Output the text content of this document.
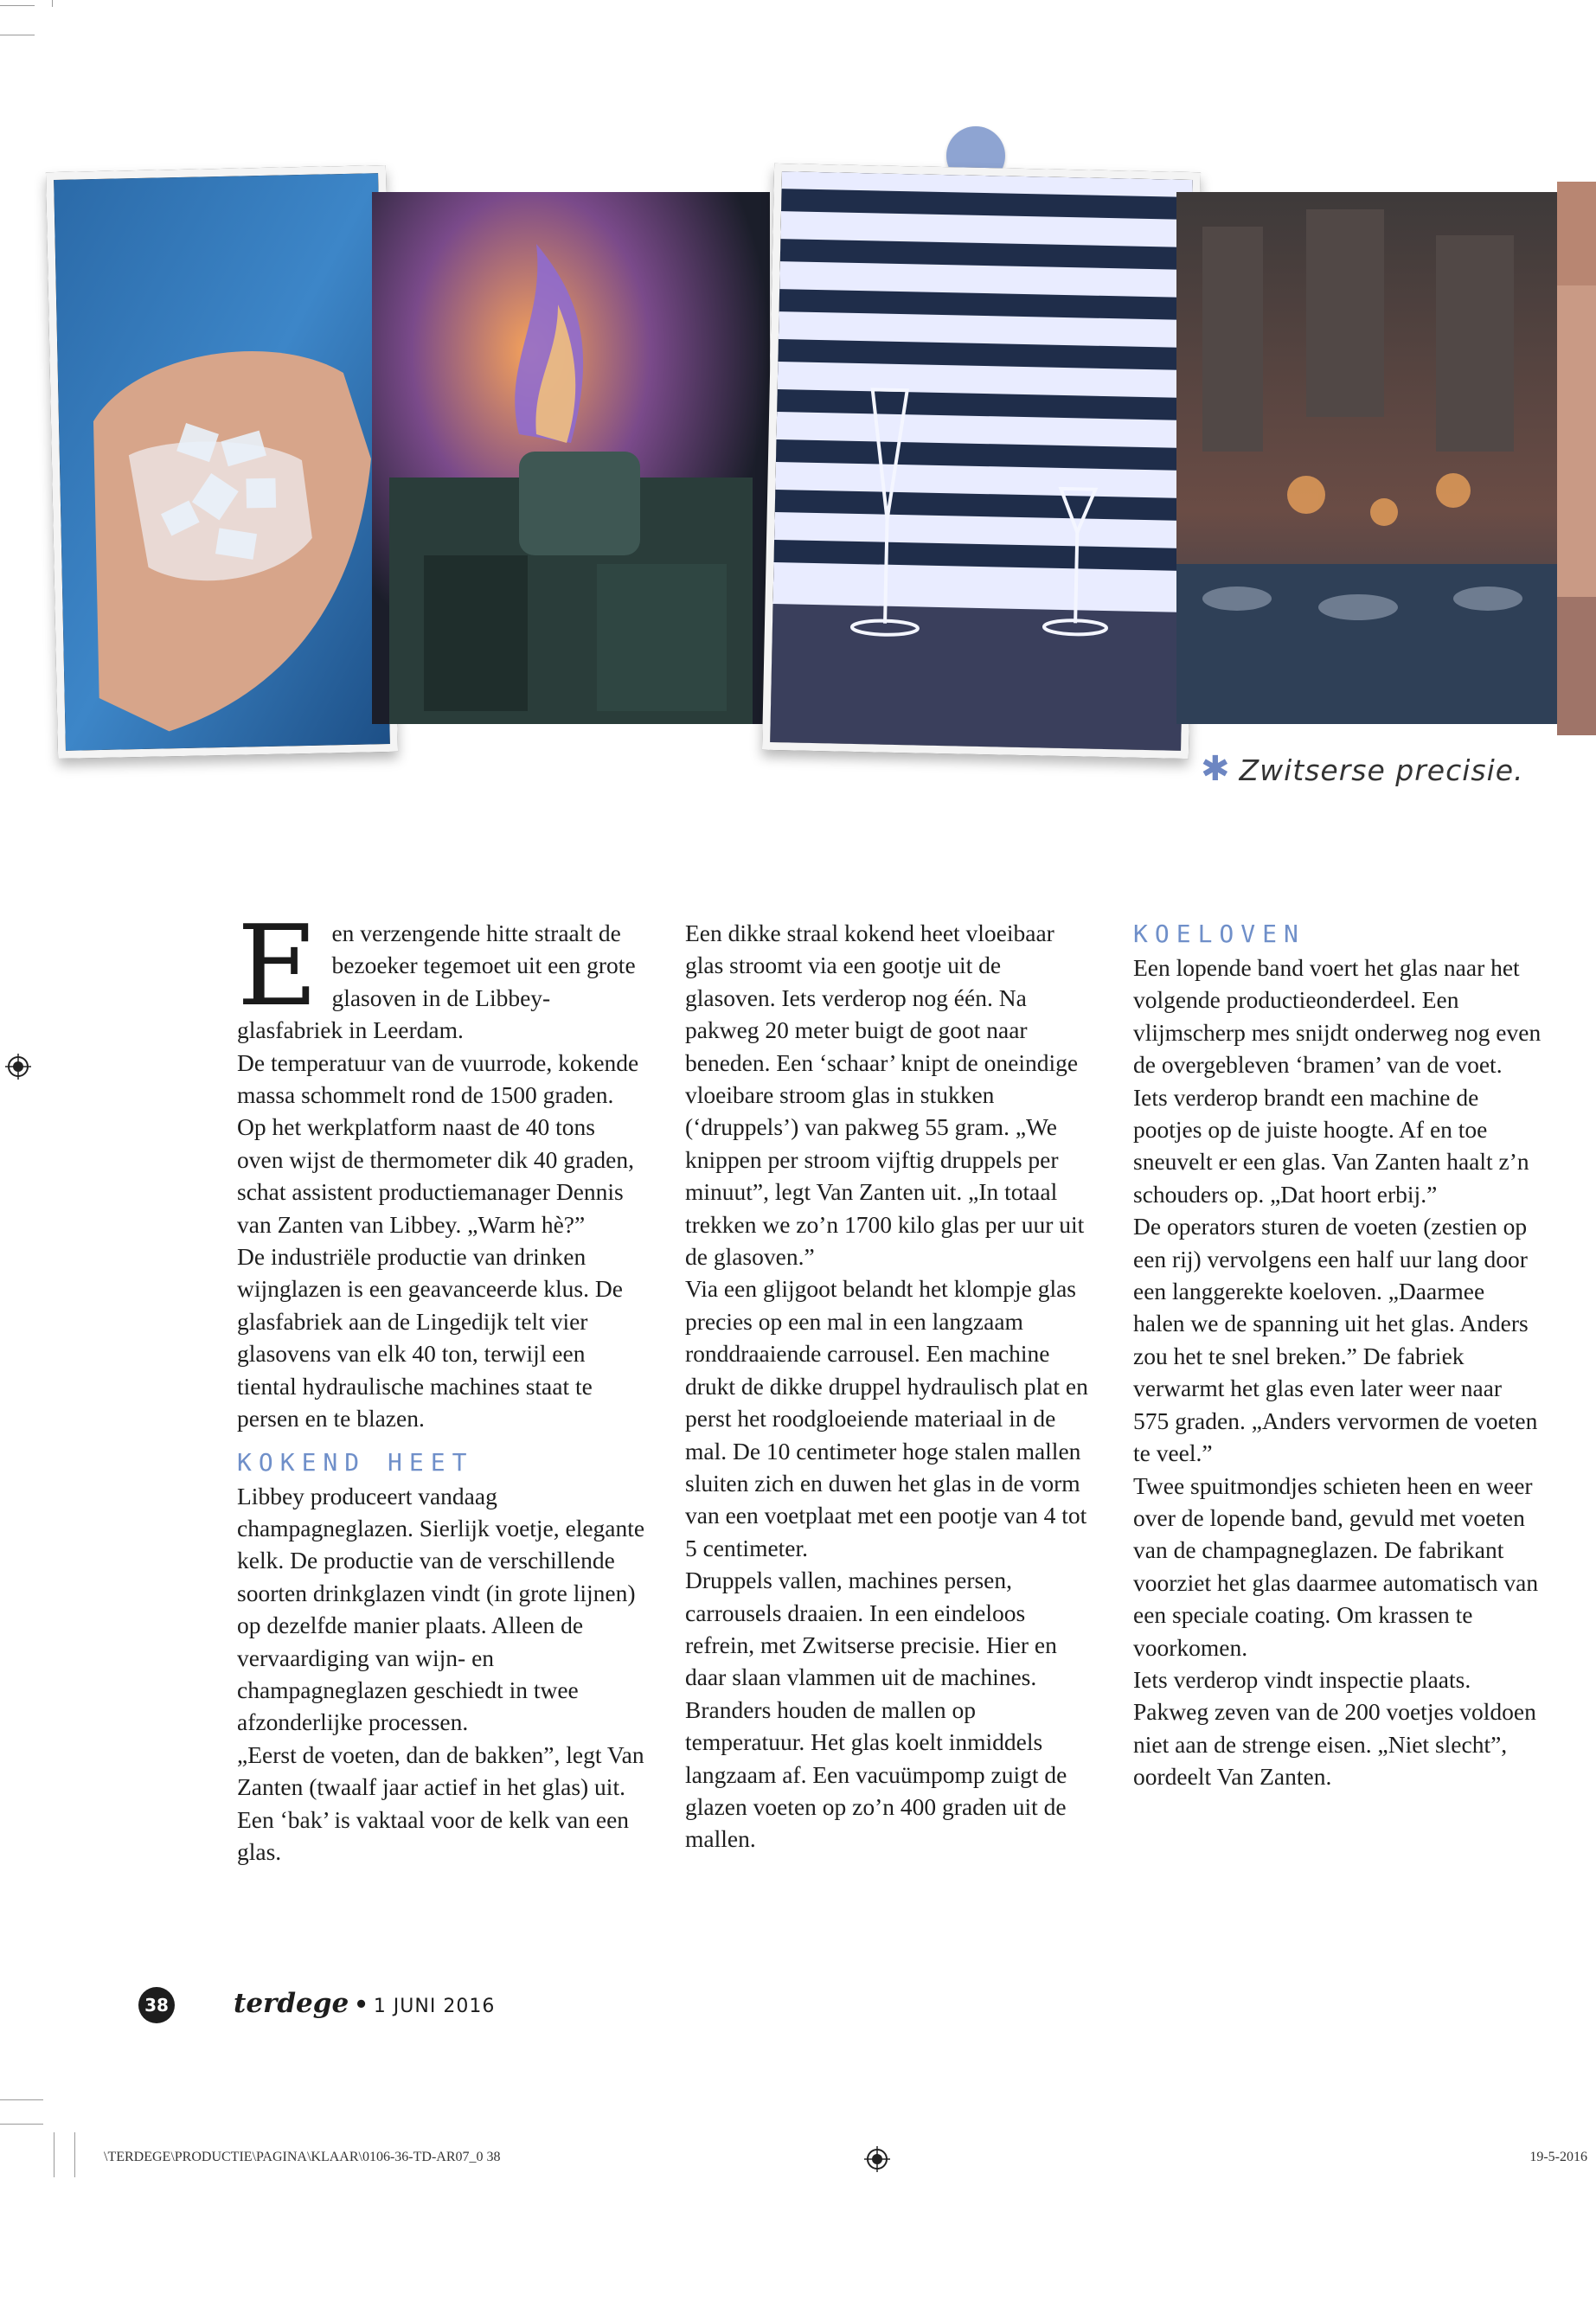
✱ Zwitserse precisie.
E en verzengende hitte straalt de bezoeker tegemoet uit een grote glasoven in de Libbey-glasfabriek in Leerdam.

De temperatuur van de vuurrode, kokende massa schommelt rond de 1500 graden. Op het werkplatform naast de 40 tons oven wijst de thermometer dik 40 graden, schat assistent productiemanager Dennis van Zanten van Libbey. „Warm hè?”

De industriële productie van drinken wijnglazen is een geavanceerde klus. De glasfabriek aan de Lingedijk telt vier glasovens van elk 40 ton, terwijl een tiental hydraulische machines staat te persen en te blazen.

KOKEND HEET

Libbey produceert vandaag champagneglazen. Sierlijk voetje, elegante kelk. De productie van de verschillende soorten drinkglazen vindt (in grote lijnen) op dezelfde manier plaats. Alleen de vervaardiging van wijn- en champagneglazen geschiedt in twee afzonderlijke processen.

„Eerst de voeten, dan de bakken”, legt Van Zanten (twaalf jaar actief in het glas) uit. Een ‘bak’ is vaktaal voor de kelk van een glas.

Een dikke straal kokend heet vloeibaar glas stroomt via een gootje uit de glasoven. Iets verderop nog één. Na pakweg 20 meter buigt de goot naar beneden. Een ‘schaar’ knipt de oneindige vloeibare stroom glas in stukken (‘druppels’) van pakweg 55 gram. „We knippen per stroom vijftig druppels per minuut”, legt Van Zanten uit. „In totaal trekken we zo’n 1700 kilo glas per uur uit de glasoven.”

Via een glijgoot belandt het klompje glas precies op een mal in een langzaam ronddraaiende carrousel. Een machine drukt de dikke druppel hydraulisch plat en perst het roodgloeiende materiaal in de mal. De 10 centimeter hoge stalen mallen sluiten zich en duwen het glas in de vorm van een voetplaat met een pootje van 4 tot 5 centimeter.

Druppels vallen, machines persen, carrousels draaien. In een eindeloos refrein, met Zwitserse precisie. Hier en daar slaan vlammen uit de machines. Branders houden de mallen op temperatuur. Het glas koelt inmiddels langzaam af. Een vacuümpomp zuigt de glazen voeten op zo’n 400 graden uit de mallen.

KOELOVEN

Een lopende band voert het glas naar het volgende productieonderdeel. Een vlijmscherp mes snijdt onderweg nog even de overgebleven ‘bramen’ van de voet. Iets verderop brandt een machine de pootjes op de juiste hoogte. Af en toe sneuvelt er een glas. Van Zanten haalt z’n schouders op. „Dat hoort erbij.”

De operators sturen de voeten (zestien op een rij) vervolgens een half uur lang door een langgerekte koeloven. „Daarmee halen we de spanning uit het glas. Anders zou het te snel breken.” De fabriek verwarmt het glas even later weer naar 575 graden. „Anders vervormen de voeten te veel.”

Twee spuitmondjes schieten heen en weer over de lopende band, gevuld met voeten van de champagneglazen. De fabrikant voorziet het glas daarmee automatisch van een speciale coating. Om krassen te voorkomen.

Iets verderop vindt inspectie plaats. Pakweg zeven van de 200 voetjes voldoen niet aan de strenge eisen. „Niet slecht”, oordeelt Van Zanten.

38 terdege • 1 JUNI 2016
\TERDEGE\PRODUCTIE\PAGINA\KLAAR\0106-36-TD-AR07_0 38	19-5-2016
